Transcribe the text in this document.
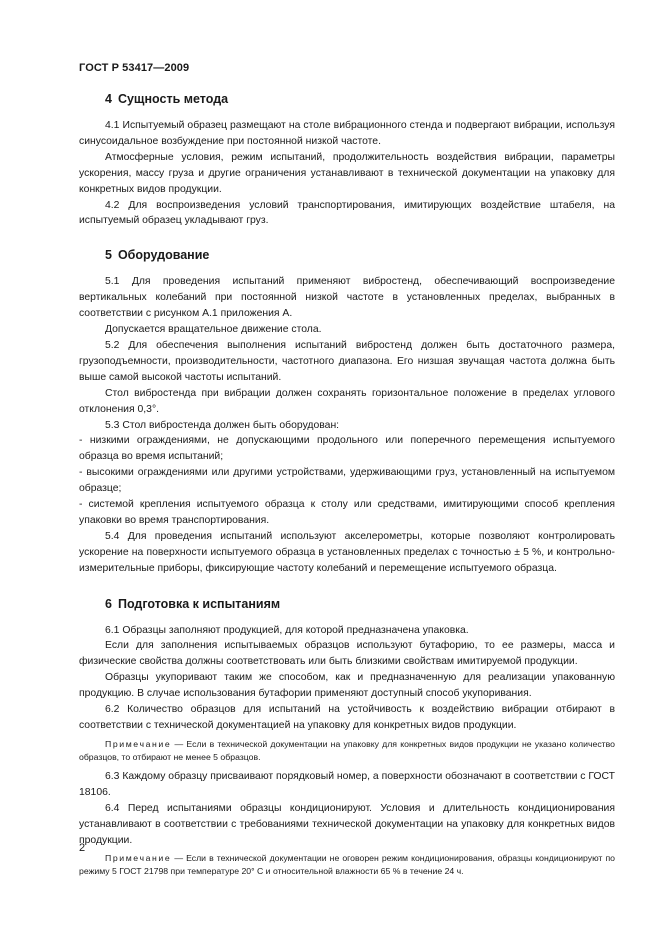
ГОСТ Р 53417—2009
4 Сущность метода

4.1 Испытуемый образец размещают на столе вибрационного стенда и подвергают вибрации, используя синусоидальное возбуждение при постоянной низкой частоте.

Атмосферные условия, режим испытаний, продолжительность воздействия вибрации, параметры ускорения, массу груза и другие ограничения устанавливают в технической документации на упаковку для конкретных видов продукции.

4.2 Для воспроизведения условий транспортирования, имитирующих воздействие штабеля, на испытуемый образец укладывают груз.

5 Оборудование

5.1 Для проведения испытаний применяют вибростенд, обеспечивающий воспроизведение вертикальных колебаний при постоянной низкой частоте в установленных пределах, выбранных в соответствии с рисунком А.1 приложения А.

Допускается вращательное движение стола.

5.2 Для обеспечения выполнения испытаний вибростенд должен быть достаточного размера, грузоподъемности, производительности, частотного диапазона. Его низшая звучащая частота должна быть выше самой высокой частоты испытаний.

Стол вибростенда при вибрации должен сохранять горизонтальное положение в пределах углового отклонения 0,3°.

5.3 Стол вибростенда должен быть оборудован:

- низкими ограждениями, не допускающими продольного или поперечного перемещения испытуемого образца во время испытаний;

- высокими ограждениями или другими устройствами, удерживающими груз, установленный на испытуемом образце;

- системой крепления испытуемого образца к столу или средствами, имитирующими способ крепления упаковки во время транспортирования.

5.4 Для проведения испытаний используют акселерометры, которые позволяют контролировать ускорение на поверхности испытуемого образца в установленных пределах с точностью ± 5 %, и контрольно-измерительные приборы, фиксирующие частоту колебаний и перемещение испытуемого образца.

6 Подготовка к испытаниям

6.1 Образцы заполняют продукцией, для которой предназначена упаковка.

Если для заполнения испытываемых образцов используют бутафорию, то ее размеры, масса и физические свойства должны соответствовать или быть близкими свойствам имитируемой продукции.

Образцы укупоривают таким же способом, как и предназначенную для реализации упакованную продукцию. В случае использования бутафории применяют доступный способ укупоривания.

6.2 Количество образцов для испытаний на устойчивость к воздействию вибрации отбирают в соответствии с технической документацией на упаковку для конкретных видов продукции.

Примечание — Если в технической документации на упаковку для конкретных видов продукции не указано количество образцов, то отбирают не менее 5 образцов.

6.3 Каждому образцу присваивают порядковый номер, а поверхности обозначают в соответствии с ГОСТ 18106.

6.4 Перед испытаниями образцы кондиционируют. Условия и длительность кондиционирования устанавливают в соответствии с требованиями технической документации на упаковку для конкретных видов продукции.

Примечание — Если в технической документации не оговорен режим кондиционирования, образцы кондиционируют по режиму 5 ГОСТ 21798 при температуре 20° С и относительной влажности 65 % в течение 24 ч.

2
